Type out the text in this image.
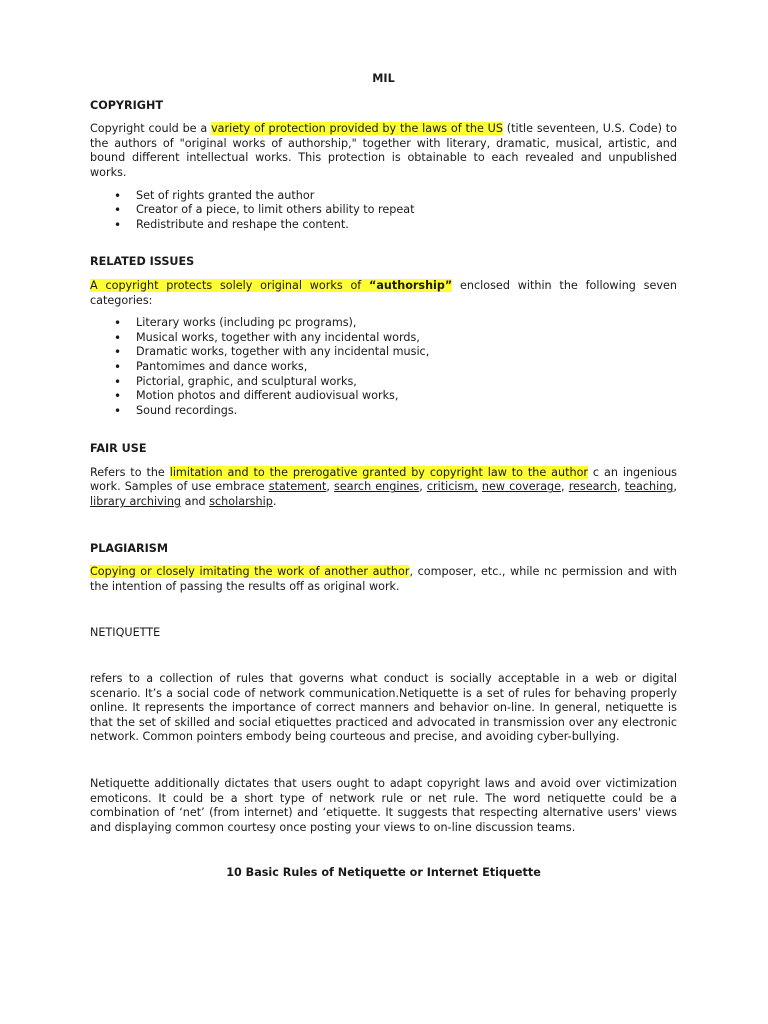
MIL
COPYRIGHT

Copyright could be a variety of protection provided by the laws of the US (title seventeen, U.S. Code) to the authors of "original works of authorship," together with literary, dramatic, musical, artistic, and bound different intellectual works. This protection is obtainable to each revealed and unpublished works.

• Set of rights granted the author
• Creator of a piece, to limit others ability to repeat
• Redistribute and reshape the content.
RELATED ISSUES

A copyright protects solely original works of “authorship” enclosed within the following seven categories:

• Literary works (including pc programs),
• Musical works, together with any incidental words,
• Dramatic works, together with any incidental music,
• Pantomimes and dance works,
• Pictorial, graphic, and sculptural works,
• Motion photos and different audiovisual works,
• Sound recordings.
FAIR USE

Refers to the limitation and to the prerogative granted by copyright law to the author c an ingenious work. Samples of use embrace statement, search engines, criticism, new coverage, research, teaching, library archiving and scholarship.

PLAGIARISM

Copying or closely imitating the work of another author, composer, etc., while nc permission and with the intention of passing the results off as original work.

NETIQUETTE

refers to a collection of rules that governs what conduct is socially acceptable in a web or digital scenario. It’s a social code of network communication.Netiquette is a set of rules for behaving properly online. It represents the importance of correct manners and behavior on-line. In general, netiquette is that the set of skilled and social etiquettes practiced and advocated in transmission over any electronic network. Common pointers embody being courteous and precise, and avoiding cyber-bullying.

Netiquette additionally dictates that users ought to adapt copyright laws and avoid over victimization emoticons. It could be a short type of network rule or net rule. The word netiquette could be a combination of ‘net’ (from internet) and ‘etiquette. It suggests that respecting alternative users' views and displaying common courtesy once posting your views to on-line discussion teams.

10 Basic Rules of Netiquette or Internet Etiquette
